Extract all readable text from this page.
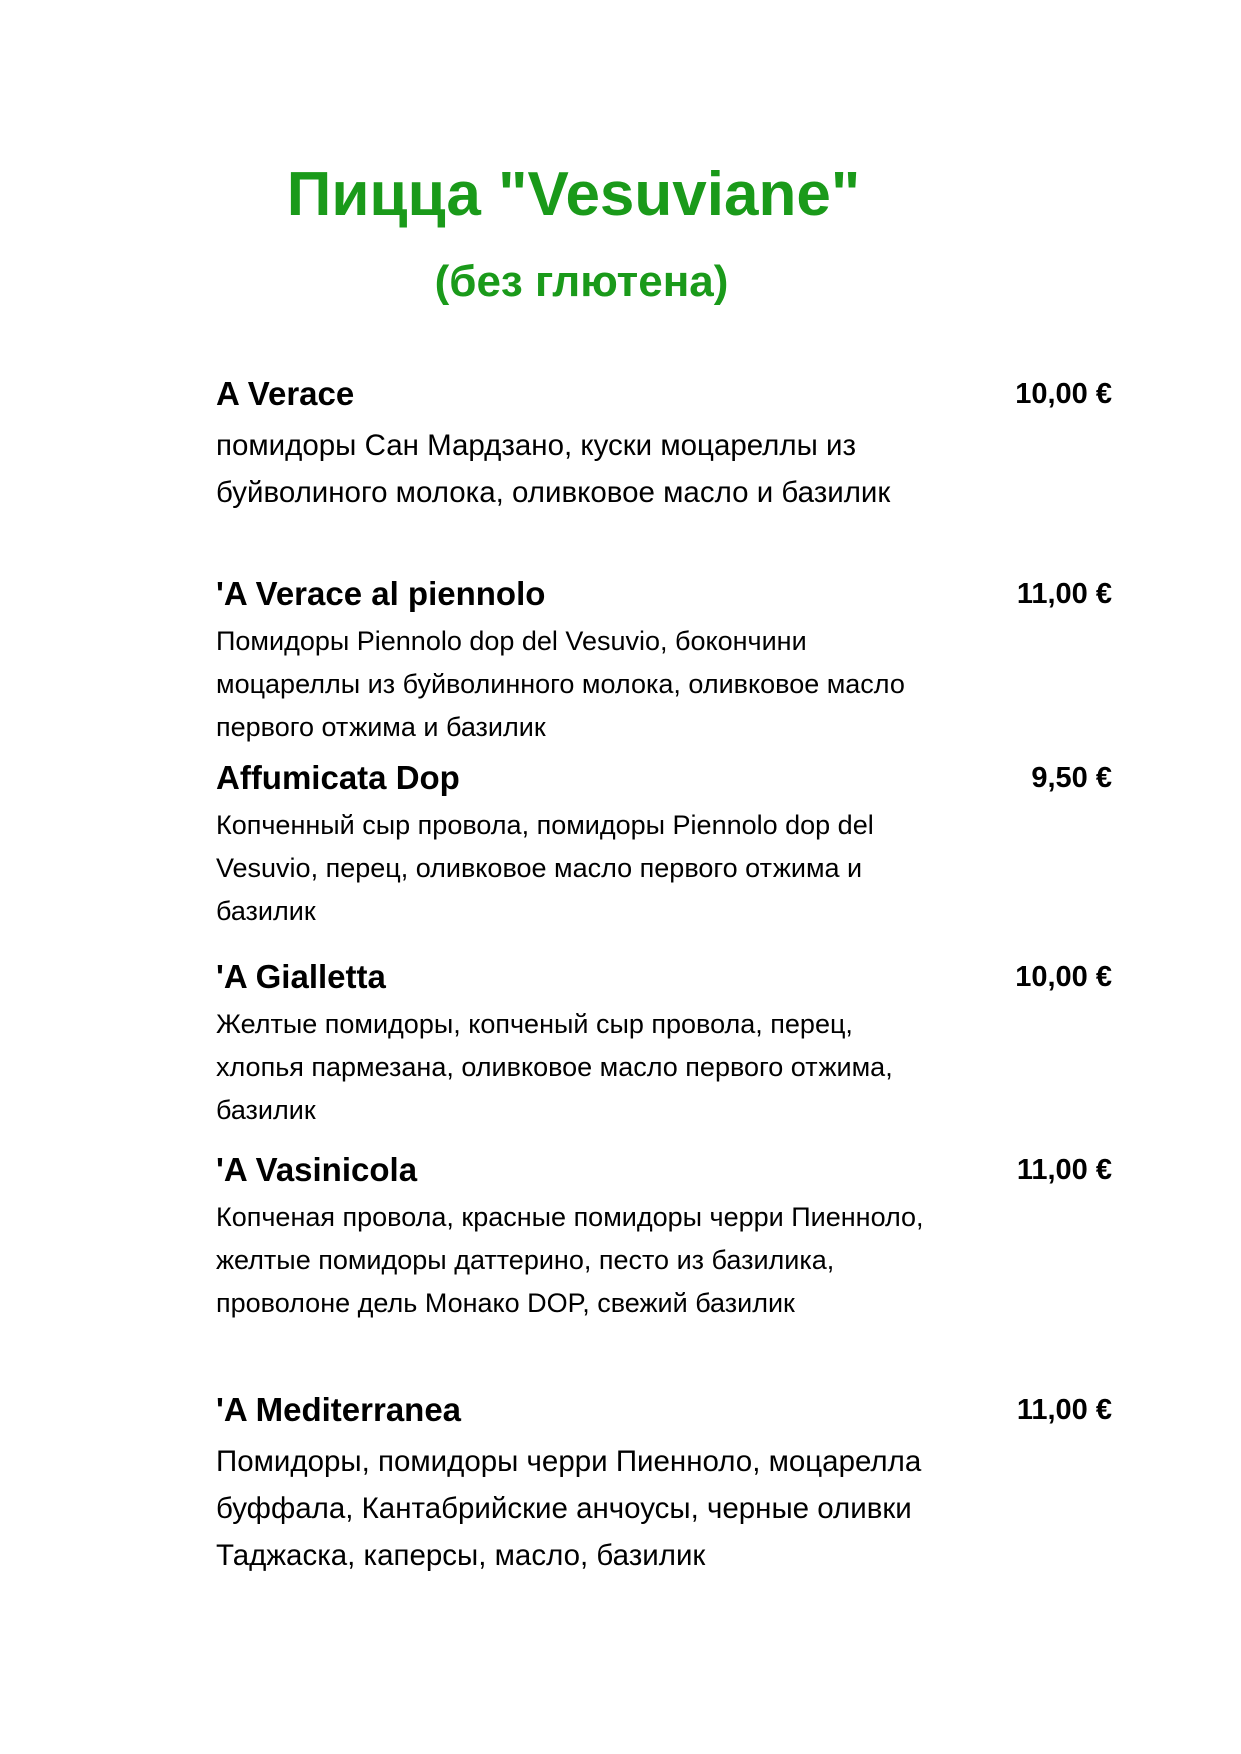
Пицца "Vesuviane"
(без глютена)
A Verace	10,00 €

помидоры Сан Мардзано, куски моцареллы из буйволиного молока, оливковое масло и базилик

'A Verace al piennolo	11,00 €

Помидоры Piennolo dop del Vesuvio, бокончини моцареллы из буйволинного молока, оливковое масло первого отжима и базилик

Affumicata Dop	9,50 €

Копченный сыр провола, помидоры Piennolo dop del Vesuvio, перец, оливковое масло первого отжима и базилик

'A Gialletta	10,00 €

Желтые помидоры, копченый сыр провола, перец, хлопья пармезана, оливковое масло первого отжима, базилик

'A Vasinicola	11,00 €

Копченая провола, красные помидоры черри Пиенноло, желтые помидоры даттерино, песто из базилика, проволоне дель Монако DOP, свежий базилик

'A Mediterranea	11,00 €

Помидоры, помидоры черри Пиенноло, моцарелла буффала, Кантабрийские анчоусы, черные оливки Таджаска, каперсы, масло, базилик
